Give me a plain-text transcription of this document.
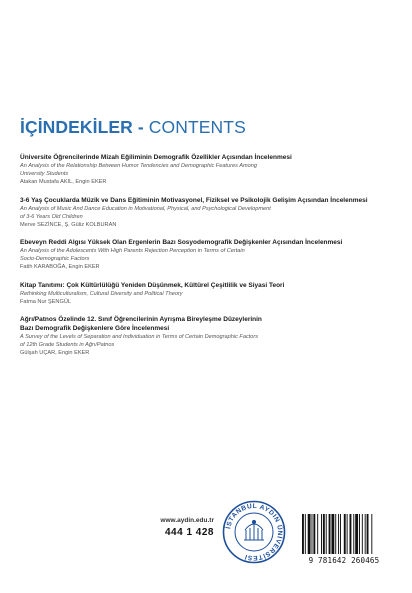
İÇİNDEKİLER - CONTENTS
Üniversite Öğrencilerinde Mizah Eğiliminin Demografik Özellikler Açısından İncelenmesi
An Analysis of the Relationship Between Humor Tendencies and Demographic Features Among
University Students
Atakan Mustafa AKIL, Engin EKER
3-6 Yaş Çocuklarda Müzik ve Dans Eğitiminin Motivasyonel, Fiziksel ve Psikolojik Gelişim Açısından İncelenmesi
An Analysis of Music And Dance Education in Motivational, Physical, and Psychological Development
of 3-6 Years Old Children
Merve SEZİNCE, Ş. Güliz KOLBURAN
Ebeveyn Reddi Algısı Yüksek Olan Ergenlerin Bazı Sosyodemografik Değişkenler Açısından İncelenmesi
An Analysis of the Adolescents With High Parents Rejection Perception in Terms of Certain
Socio-Demographic Factors
Fatih KARABOĞA, Engin EKER
Kitap Tanıtımı: Çok Kültürlülüğü Yeniden Düşünmek, Kültürel Çeşitlilik ve Siyasi Teori
Rethinking Multiculturalism, Cultural Diversity and Political Theory
Fatma Nur ŞENGÜL
Ağrı/Patnos Özelinde 12. Sınıf Öğrencilerinin Ayrışma Bireyleşme Düzeylerinin
Bazı Demografik Değişkenlere Göre İncelenmesi
A Survey of the Levels of Separation and Individuation in Terms of Certain Demographic Factors
of 12th Grade Students in Ağrı/Patnos
Gülşah UÇAR, Engin EKER
www.aydin.edu.tr
444 1 428 İSTANBUL AYDIN ÜNİVERSİTESİ	9 781642 260465
